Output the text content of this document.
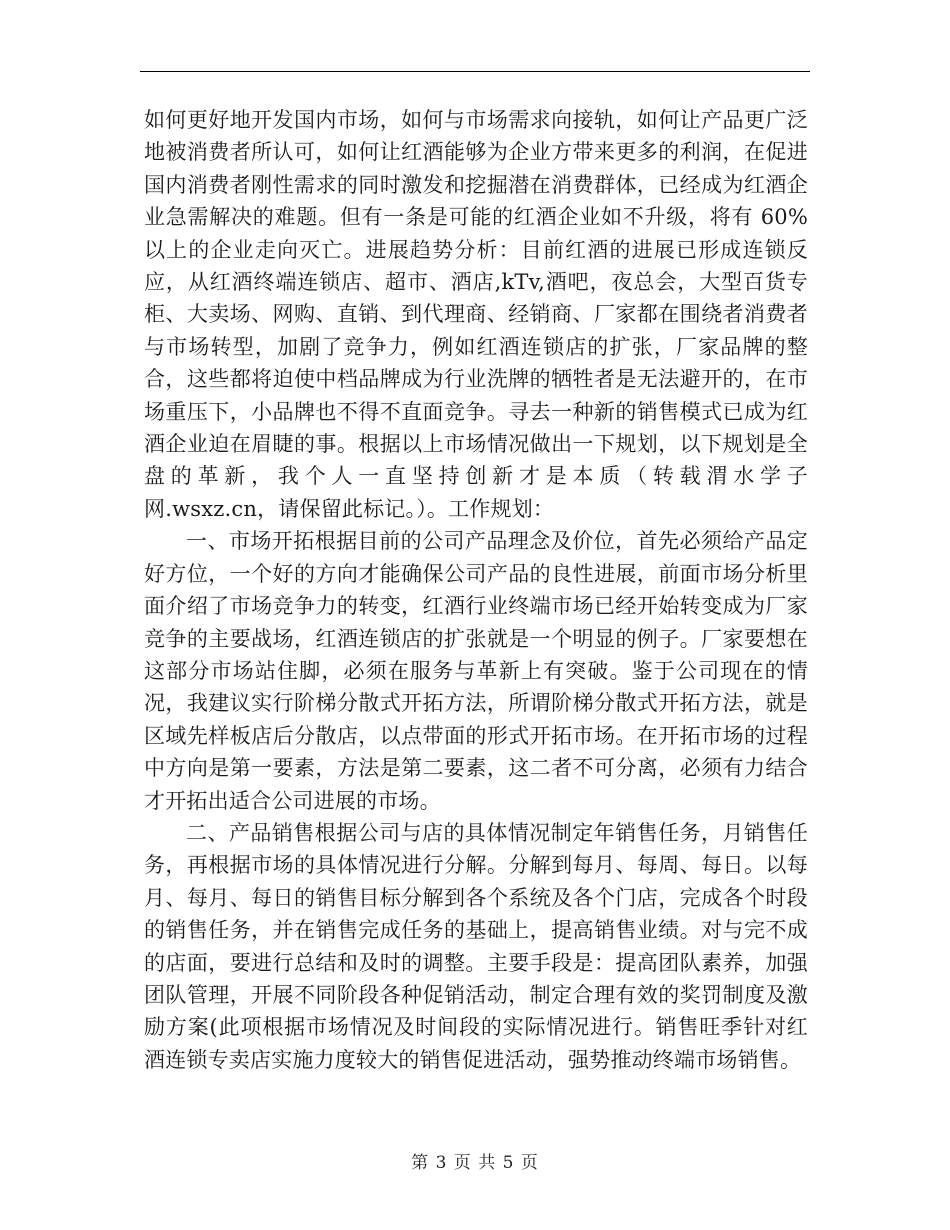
如何更好地开发国内市场，如何与市场需求向接轨，如何让产品更广泛地被消费者所认可，如何让红酒能够为企业方带来更多的利润，在促进国内消费者刚性需求的同时激发和挖掘潜在消费群体，已经成为红酒企业急需解决的难题。但有一条是可能的红酒企业如不升级，将有 60%以上的企业走向灭亡。进展趋势分析：目前红酒的进展已形成连锁反应，从红酒终端连锁店、超市、酒店,kTv,酒吧，夜总会，大型百货专柜、大卖场、网购、直销、到代理商、经销商、厂家都在围绕者消费者与市场转型，加剧了竞争力，例如红酒连锁店的扩张，厂家品牌的整合，这些都将迫使中档品牌成为行业洗牌的牺牲者是无法避开的，在市场重压下，小品牌也不得不直面竞争。寻去一种新的销售模式已成为红酒企业迫在眉睫的事。根据以上市场情况做出一下规划，以下规划是全盘的革新，我个人一直坚持创新才是本质（转载渭水学子网.wsxz.cn，请保留此标记。）。工作规划：

一、市场开拓根据目前的公司产品理念及价位，首先必须给产品定好方位，一个好的方向才能确保公司产品的良性进展，前面市场分析里面介绍了市场竞争力的转变，红酒行业终端市场已经开始转变成为厂家竞争的主要战场，红酒连锁店的扩张就是一个明显的例子。厂家要想在这部分市场站住脚，必须在服务与革新上有突破。鉴于公司现在的情况，我建议实行阶梯分散式开拓方法，所谓阶梯分散式开拓方法，就是区域先样板店后分散店，以点带面的形式开拓市场。在开拓市场的过程中方向是第一要素，方法是第二要素，这二者不可分离，必须有力结合才开拓出适合公司进展的市场。

二、产品销售根据公司与店的具体情况制定年销售任务，月销售任务，再根据市场的具体情况进行分解。分解到每月、每周、每日。以每月、每月、每日的销售目标分解到各个系统及各个门店，完成各个时段的销售任务，并在销售完成任务的基础上，提高销售业绩。对与完不成的店面，要进行总结和及时的调整。主要手段是：提高团队素养，加强团队管理，开展不同阶段各种促销活动，制定合理有效的奖罚制度及激励方案(此项根据市场情况及时间段的实际情况进行。销售旺季针对红酒连锁专卖店实施力度较大的销售促进活动，强势推动终端市场销售。

第 3 页 共 5 页
